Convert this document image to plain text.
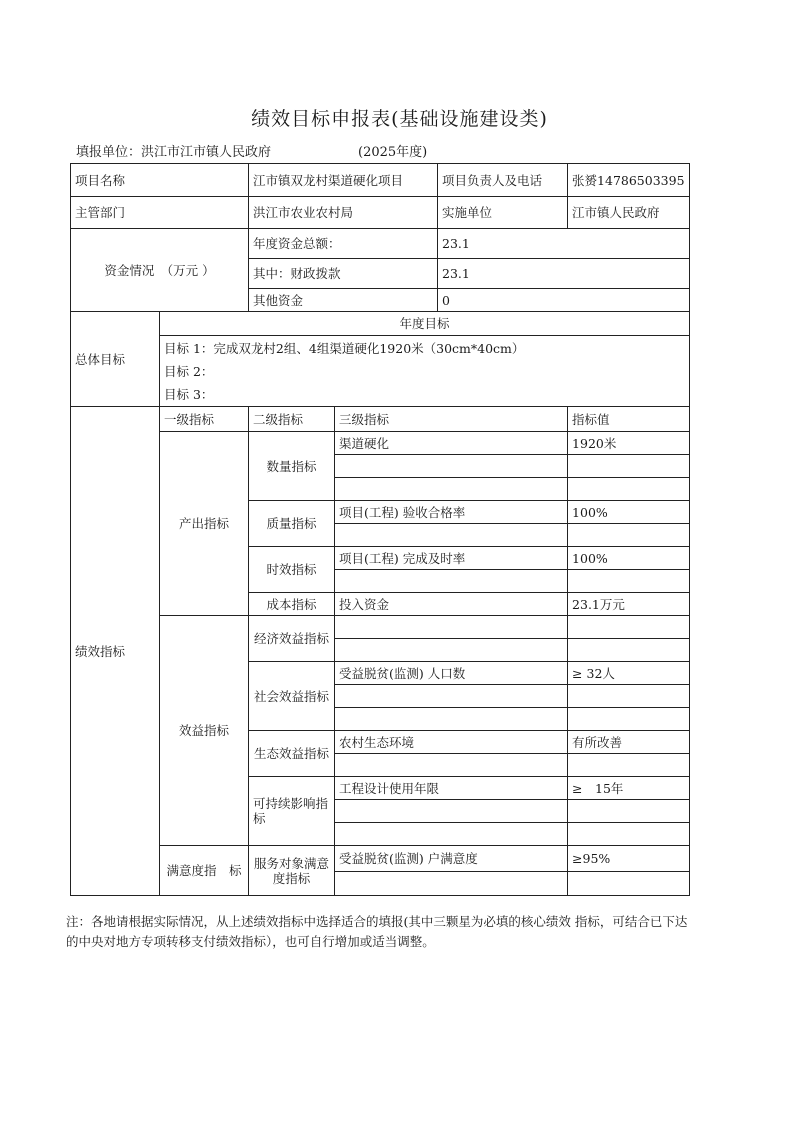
绩效目标申报表(基础设施建设类)
填报单位：洪江市江市镇人民政府	(2025年度)
项目名称		江市镇双龙村渠道硬化项目		项目负责人及电话	张赟14786503395
主管部门		洪江市农业农村局		实施单位	江市镇人民政府
资金情况　（万元 ）		年度资金总额：		23.1	
		其中：财政拨款		23.1	
		其他资金		0	
总体目标	年度目标				

	目标 1：完成双龙村2组、4组渠道硬化1920米（30cm*40cm）
目标 2：
目标 3：				

绩效指标	一级指标	二级指标	三级指标		指标值
	产出指标	数量指标	渠道硬化		1920米

		质量指标	项目(工程) 验收合格率		100%

		时效指标	项目(工程) 完成及时率		100%

		成本指标	投入资金		23.1万元
	效益指标	经济效益指标			

		社会效益指标	受益脱贫(监测) 人口数		≥ 32人

		生态效益指标	农村生态环境		有所改善

		可持续影响指标	工程设计使用年限		≥　15年

	满意度指　标	服务对象满意度指标	受益脱贫(监测) 户满意度		≥95%

注：各地请根据实际情况，从上述绩效指标中选择适合的填报(其中三颗星为必填的核心绩效 指标，可结合已下达的中央对地方专项转移支付绩效指标），也可自行增加或适当调整。
